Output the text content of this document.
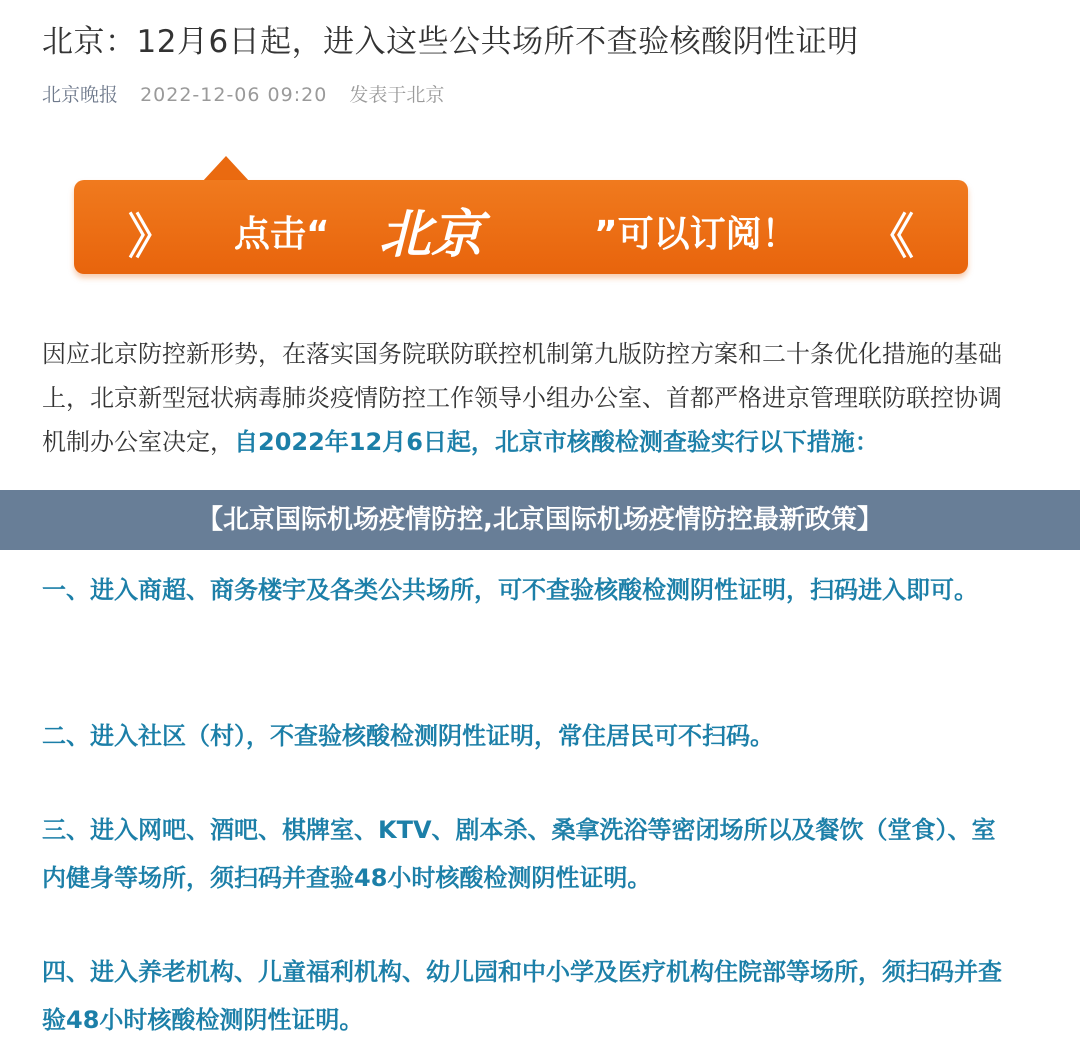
北京：12月6日起，进入这些公共场所不查验核酸阴性证明
北京晚报 2022-12-06 09:20 发表于北京
》 点击“ 北京	”可以订阅！ 《
因应北京防控新形势，在落实国务院联防联控机制第九版防控方案和二十条优化措施的基础上，北京新型冠状病毒肺炎疫情防控工作领导小组办公室、首都严格进京管理联防联控协调机制办公室决定，自2022年12月6日起，北京市核酸检测查验实行以下措施：
一、进入商超、商务楼宇及各类公共场所，可不查验核酸检测阴性证明，扫码进入即可。
二、进入社区（村），不查验核酸检测阴性证明，常住居民可不扫码。
三、进入网吧、酒吧、棋牌室、KTV、剧本杀、桑拿洗浴等密闭场所以及餐饮（堂食）、室内健身等场所，须扫码并查验48小时核酸检测阴性证明。
四、进入养老机构、儿童福利机构、幼儿园和中小学及医疗机构住院部等场所，须扫码并查验48小时核酸检测阴性证明。
【北京国际机场疫情防控,北京国际机场疫情防控最新政策】
